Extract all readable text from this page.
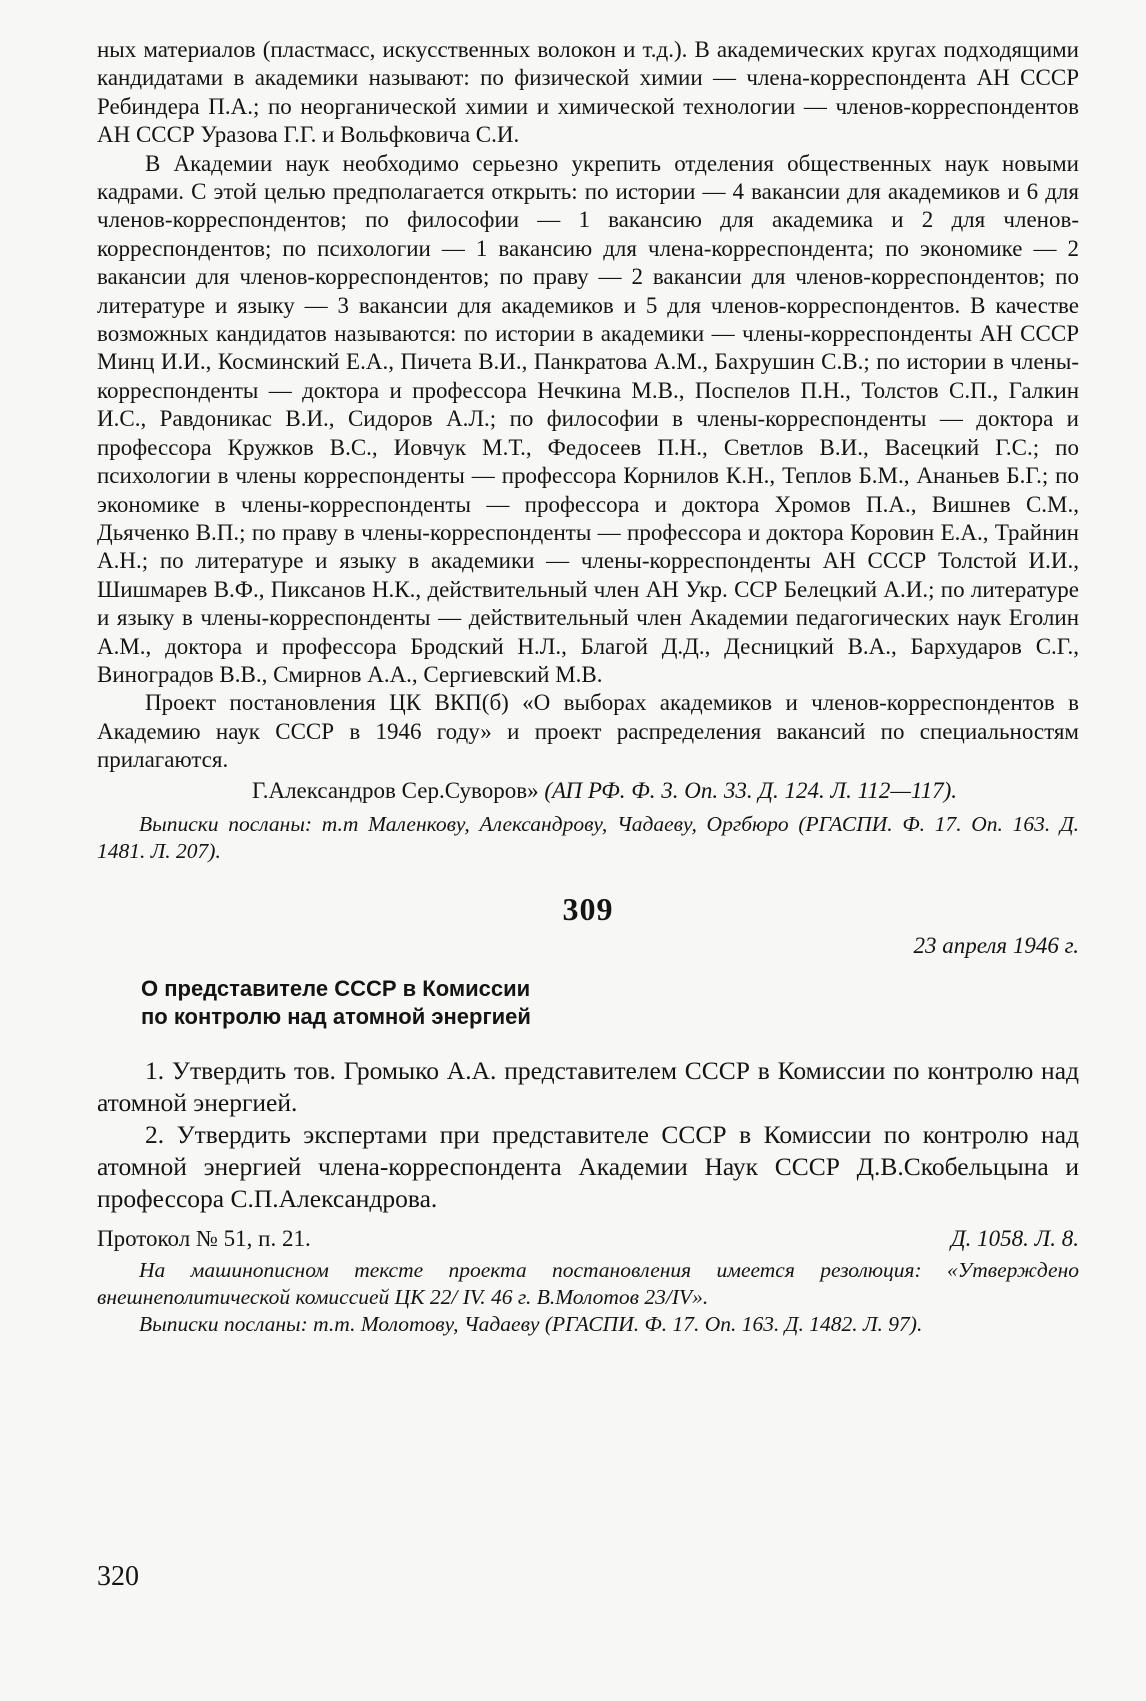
ных материалов (пластмасс, искусственных волокон и т.д.). В академических кругах подходящими кандидатами в академики называют: по физической химии — члена-корреспондента АН СССР Ребиндера П.А.; по неорганической химии и химической технологии — членов-корреспондентов АН СССР Уразова Г.Г. и Вольфковича С.И.

В Академии наук необходимо серьезно укрепить отделения общественных наук новыми кадрами. С этой целью предполагается открыть: по истории — 4 вакансии для академиков и 6 для членов-корреспондентов; по философии — 1 вакансию для академика и 2 для членов-корреспондентов; по психологии — 1 вакансию для члена-корреспондента; по экономике — 2 вакансии для членов-корреспондентов; по праву — 2 вакансии для членов-корреспондентов; по литературе и языку — 3 вакансии для академиков и 5 для членов-корреспондентов. В качестве возможных кандидатов называются: по истории в академики — члены-корреспонденты АН СССР Минц И.И., Косминский Е.А., Пичета В.И., Панкратова А.М., Бахрушин С.В.; по истории в члены-корреспонденты — доктора и профессора Нечкина М.В., Поспелов П.Н., Толстов С.П., Галкин И.С., Равдоникас В.И., Сидоров А.Л.; по философии в члены-корреспонденты — доктора и профессора Кружков В.С., Иовчук М.Т., Федосеев П.Н., Светлов В.И., Васецкий Г.С.; по психологии в члены корреспонденты — профессора Корнилов К.Н., Теплов Б.М., Ананьев Б.Г.; по экономике в члены-корреспонденты — профессора и доктора Хромов П.А., Вишнев С.М., Дьяченко В.П.; по праву в члены-корреспонденты — профессора и доктора Коровин Е.А., Трайнин А.Н.; по литературе и языку в академики — члены-корреспонденты АН СССР Толстой И.И., Шишмарев В.Ф., Пиксанов Н.К., действительный член АН Укр. ССР Белецкий А.И.; по литературе и языку в члены-корреспонденты — действительный член Академии педагогических наук Еголин А.М., доктора и профессора Бродский Н.Л., Благой Д.Д., Десницкий В.А., Бархударов С.Г., Виноградов В.В., Смирнов А.А., Сергиевский М.В.

Проект постановления ЦК ВКП(б) «О выборах академиков и членов-корреспондентов в Академию наук СССР в 1946 году» и проект распределения вакансий по специальностям прилагаются.

Г.Александров Сер.Суворов» (АП РФ. Ф. 3. Оп. 33. Д. 124. Л. 112—117).

Выписки посланы: т.т Маленкову, Александрову, Чадаеву, Оргбюро (РГАСПИ. Ф. 17. Оп. 163. Д. 1481. Л. 207).

309
23 апреля 1946 г.
О представителе СССР в Комиссии
по контролю над атомной энергией

1. Утвердить тов. Громыко А.А. представителем СССР в Комиссии по контролю над атомной энергией.

2. Утвердить экспертами при представителе СССР в Комиссии по контролю над атомной энергией члена-корреспондента Академии Наук СССР Д.В.Скобельцына и профессора С.П.Александрова.

Протокол № 51, п. 21.	Д. 1058. Л. 8.

На машинописном тексте проекта постановления имеется резолюция: «Утверждено внешнеполитической комиссией ЦК 22/ IV. 46 г. В.Молотов 23/IV».

Выписки посланы: т.т. Молотову, Чадаеву (РГАСПИ. Ф. 17. Оп. 163. Д. 1482. Л. 97).

320
